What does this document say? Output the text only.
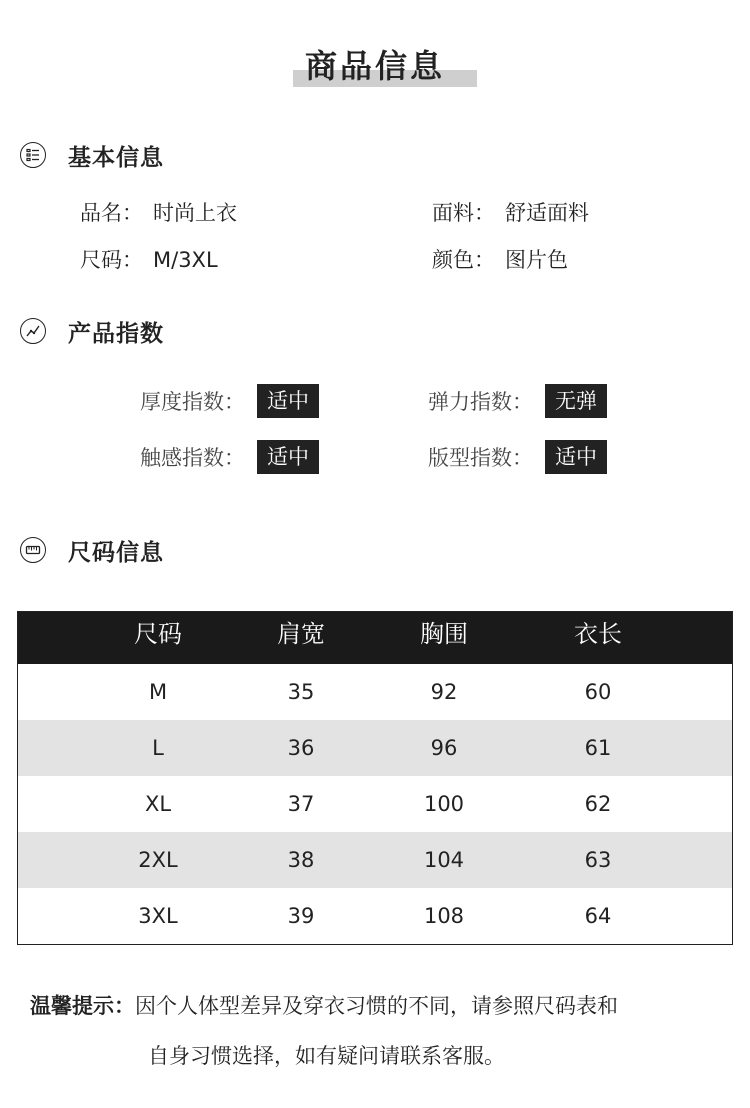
商品信息
基本信息
品名： 时尚上衣	面料： 舒适面料
尺码： M/3XL	颜色： 图片色
产品指数
厚度指数：	适中	弹力指数：	无弹
触感指数：	适中	版型指数：	适中
尺码信息
尺码	肩宽	胸围	衣长
M	35	92	60
L	36	96	61
XL	37	100	62
2XL	38	104	63
3XL	39	108	64
温馨提示：因个人体型差异及穿衣习惯的不同，请参照尺码表和
自身习惯选择，如有疑问请联系客服。
